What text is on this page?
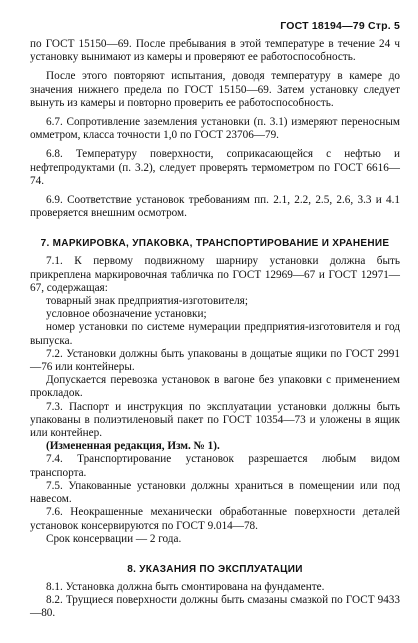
ГОСТ 18194—79 Стр. 5

по ГОСТ 15150—69. После пребывания в этой температуре в течение 24 ч установку вынимают из камеры и проверяют ее работоспособность.

После этого повторяют испытания, доводя температуру в камере до значения нижнего предела по ГОСТ 15150—69. Затем установку следует вынуть из камеры и повторно проверить ее работоспособность.

6.7. Сопротивление заземления установки (п. 3.1) измеряют переносным омметром, класса точности 1,0 по ГОСТ 23706—79.

6.8. Температуру поверхности, соприкасающейся с нефтью и нефтепродуктами (п. 3.2), следует проверять термометром по ГОСТ 6616—74.

6.9. Соответствие установок требованиям пп. 2.1, 2.2, 2.5, 2.6, 3.3 и 4.1 проверяется внешним осмотром.

7. МАРКИРОВКА, УПАКОВКА, ТРАНСПОРТИРОВАНИЕ И ХРАНЕНИЕ

7.1. К первому подвижному шарниру установки должна быть прикреплена маркировочная табличка по ГОСТ 12969—67 и ГОСТ 12971—67, содержащая:

товарный знак предприятия-изготовителя;

условное обозначение установки;

номер установки по системе нумерации предприятия-изготовителя и год выпуска.

7.2. Установки должны быть упакованы в дощатые ящики по ГОСТ 2991—76 или контейнеры.

Допускается перевозка установок в вагоне без упаковки с применением прокладок.

7.3. Паспорт и инструкция по эксплуатации установки должны быть упакованы в полиэтиленовый пакет по ГОСТ 10354—73 и уложены в ящик или контейнер.

(Измененная редакция, Изм. № 1).

7.4. Транспортирование установок разрешается любым видом транспорта.

7.5. Упакованные установки должны храниться в помещении или под навесом.

7.6. Неокрашенные механически обработанные поверхности деталей установок консервируются по ГОСТ 9.014—78.

Срок консервации — 2 года.

8. УКАЗАНИЯ ПО ЭКСПЛУАТАЦИИ

8.1. Установка должна быть смонтирована на фундаменте.

8.2. Трущиеся поверхности должны быть смазаны смазкой по ГОСТ 9433—80.
